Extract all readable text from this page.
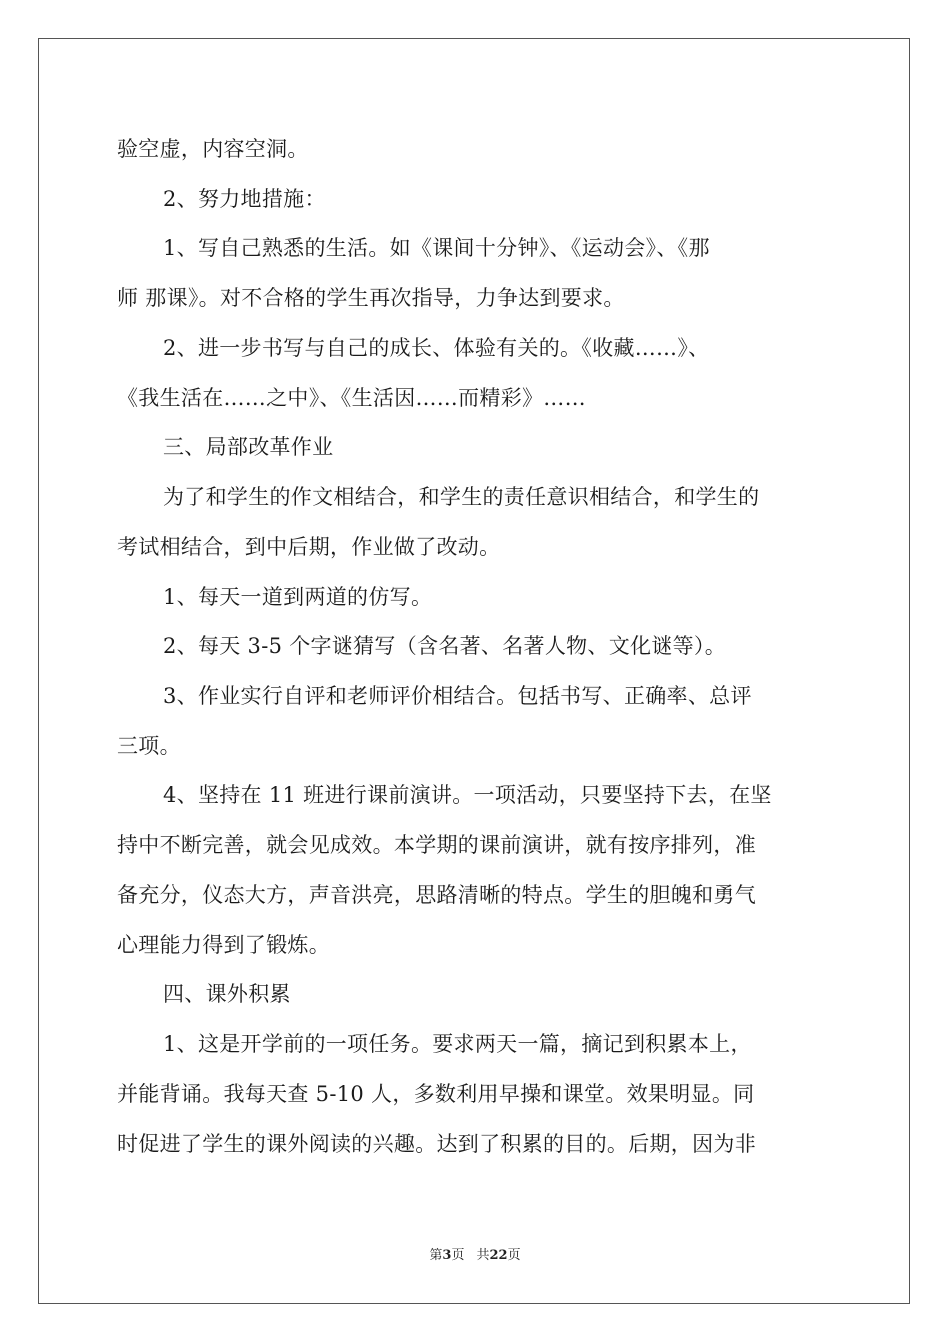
验空虚，内容空洞。
2、努力地措施：
1、写自己熟悉的生活。如《课间十分钟》、《运动会》、《那
师 那课》。对不合格的学生再次指导，力争达到要求。
2、进一步书写与自己的成长、体验有关的。《收藏……》、
《我生活在……之中》、《生活因……而精彩》……
三、局部改革作业
为了和学生的作文相结合，和学生的责任意识相结合，和学生的
考试相结合，到中后期，作业做了改动。
1、每天一道到两道的仿写。
2、每天 3-5 个字谜猜写（含名著、名著人物、文化谜等）。
3、作业实行自评和老师评价相结合。包括书写、正确率、总评
三项。
4、坚持在 11 班进行课前演讲。一项活动，只要坚持下去，在坚
持中不断完善，就会见成效。本学期的课前演讲，就有按序排列，准
备充分，仪态大方，声音洪亮，思路清晰的特点。学生的胆魄和勇气
心理能力得到了锻炼。
四、课外积累
1、这是开学前的一项任务。要求两天一篇，摘记到积累本上，
并能背诵。我每天查 5-10 人，多数利用早操和课堂。效果明显。同
时促进了学生的课外阅读的兴趣。达到了积累的目的。后期，因为非
第3页 共22页
